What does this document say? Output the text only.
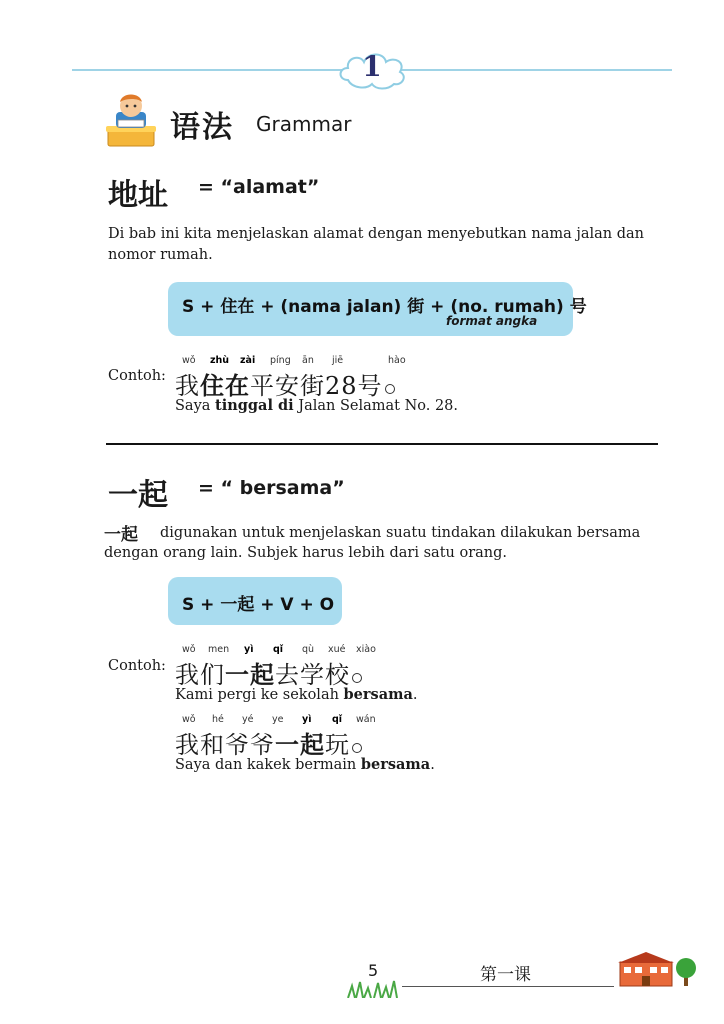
1
语法 Grammar
地址 = “alamat”
Di bab ini kita menjelaskan alamat dengan menyebutkan nama jalan dan
nomor rumah.
S + 住在 + (nama jalan) 街 + (no. rumah) 号
format angka
Contoh:
wǒ zhù zài píng ān jiē	hào
我住在平安街28号
Saya tinggal di Jalan Selamat No. 28.
一起 = “ bersama”
一起 digunakan untuk menjelaskan suatu tindakan dilakukan bersama
dengan orang lain. Subjek harus lebih dari satu orang.
S + 一起 + V + O
Contoh:
wǒ men yì qǐ qù xué xiào
我们一起去学校
Kami pergi ke sekolah bersama.
wǒ hé yé ye yì qǐ wán
我和爷爷一起玩
Saya dan kakek bermain bersama.
5	第一课
